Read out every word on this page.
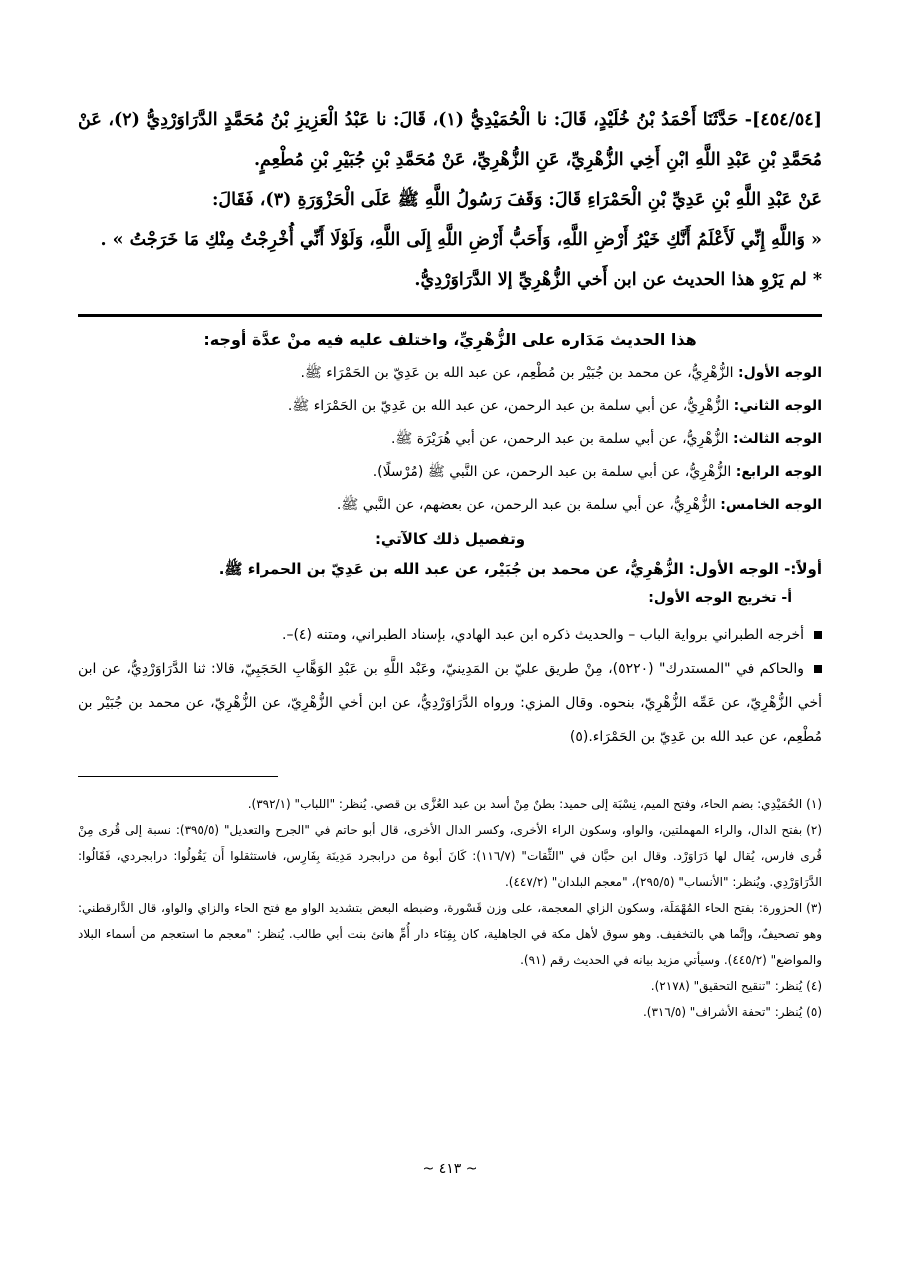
[٤٥٤/٥٤]- حَدَّثَنَا أَحْمَدُ بْنُ خُلَيْدٍ، قَالَ: نا الْحُمَيْدِيُّ (١)، قَالَ: نا عَبْدُ الْعَزِيزِ بْنُ مُحَمَّدٍ الدَّرَاوَرْدِيُّ (٢)، عَنْ مُحَمَّدِ بْنِ عَبْدِ اللَّهِ ابْنِ أَخِي الزُّهْرِيِّ، عَنِ الزُّهْرِيِّ، عَنْ مُحَمَّدِ بْنِ جُبَيْرِ بْنِ مُطْعِمٍ.

عَنْ عَبْدِ اللَّهِ بْنِ عَدِيِّ بْنِ الْحَمْرَاءِ قَالَ: وَقَفَ رَسُولُ اللَّهِ ﷺ عَلَى الْحَزْوَرَةِ (٣)، فَقَالَ:

« وَاللَّهِ إِنِّي لَأَعْلَمُ أَنَّكِ خَيْرُ أَرْضِ اللَّهِ، وَأَحَبُّ أَرْضِ اللَّهِ إِلَى اللَّهِ، وَلَوْلَا أَنِّي أُخْرِجْتُ مِنْكِ مَا خَرَجْتُ » .

* لم يَرْوِ هذا الحديث عن ابن أَخي الزُّهْرِيِّ إلا الدَّرَاوَرْدِيُّ.

هذا الحديث مَدَاره على الزُّهْرِيِّ، واختلف عليه فيه منْ عدَّة أوجه:

الوجه الأول: الزُّهْرِيُّ، عن محمد بن جُبَيْر بن مُطْعِم، عن عبد الله بن عَدِيّ بن الحَمْرَاء ﷺ.

الوجه الثاني: الزُّهْرِيُّ، عن أبي سلمة بن عبد الرحمن، عن عبد الله بن عَدِيّ بن الحَمْرَاء ﷺ.

الوجه الثالث: الزُّهْرِيُّ، عن أبي سلمة بن عبد الرحمن، عن أبي هُرَيْرَة ﷺ.

الوجه الرابع: الزُّهْرِيُّ، عن أبي سلمة بن عبد الرحمن، عن النَّبي ﷺ (مُرْسلًا).

الوجه الخامس: الزُّهْرِيُّ، عن أبي سلمة بن عبد الرحمن، عن بعضهم، عن النَّبي ﷺ.

وتفصيل ذلك كالآتي:

أولاً:- الوجه الأول: الزُّهْرِيُّ، عن محمد بن جُبَيْر، عن عبد الله بن عَدِيّ بن الحمراء ﷺ.

أ- تخريج الوجه الأول:

أخرجه الطبراني برواية الباب – والحديث ذكره ابن عبد الهادي، بإسناد الطبراني، ومتنه (٤)–.

والحاكم في "المستدرك" (٥٢٢٠)، مِنْ طريق عليّ بن المَدِينيّ، وعَبْد اللَّهِ بن عَبْدِ الوَهَّابِ الحَجَبِيّ، قالا: ثنا الدَّرَاوَرْدِيُّ، عن ابن أخي الزُّهْرِيّ، عن عَمِّه الزُّهْرِيّ، بنحوه. وقال المزي: ورواه الدَّرَاوَرْدِيُّ، عن ابن أخي الزُّهْرِيّ، عن الزُّهْرِيّ، عن محمد بن جُبَيْر بن مُطْعِم، عن عبد الله بن عَدِيّ بن الحَمْرَاء.(٥)

(١)الحُمَيْدِي: بضم الحاء، وفتح الميم، نِسْبَة إلى حميد: بطنٌ مِنْ أسد بن عبد العُزَّى بن قصي. يُنظر: "اللباب" (٣٩٢/١).

(٢)بفتح الدال، والراء المهملتين، والواو، وسكون الراء الأخرى، وكسر الدال الأخرى، قال أبو حاتم في "الجرح والتعديل" (٣٩٥/٥): نسبة إلى قُرى مِنْ قُرى فارس، يُقال لها دَرَاوَرْد. وقال ابن حبَّان في "الثِّقات" (١١٦/٧): كَانَ أبوهُ من درابجرد مَدِينَة بِفَارِس، فاستثقلوا أَن يَقُولُوا: درابجردي، فَقَالُوا: الدَّرَاوَرْدِي. ويُنظر: "الأنساب" (٢٩٥/٥)، "معجم البلدان" (٤٤٧/٢).

(٣)الحزورة: بفتح الحاء المُهْمَلَة، وسكون الزاي المعجمة، على وزن قَسْورة، وضبطه البعض بتشديد الواو مع فتح الحاء والزاي والواو، قال الدَّارقطني: وهو تصحيفٌ، وإنَّما هي بالتخفيف. وهو سوق لأهل مكة في الجاهلية، كان بِفِنَاء دار أُمِّ هانئ بنت أبي طالب. يُنظر: "معجم ما استعجم من أسماء البلاد والمواضع" (٤٤٥/٢). وسيأتي مزيد بيانه في الحديث رقم (٩١).

(٤)يُنظر: "تنقيح التحقيق" (٢١٧٨).

(٥)يُنظر: "تحفة الأشراف" (٣١٦/٥).

~ ٤١٣ ~
